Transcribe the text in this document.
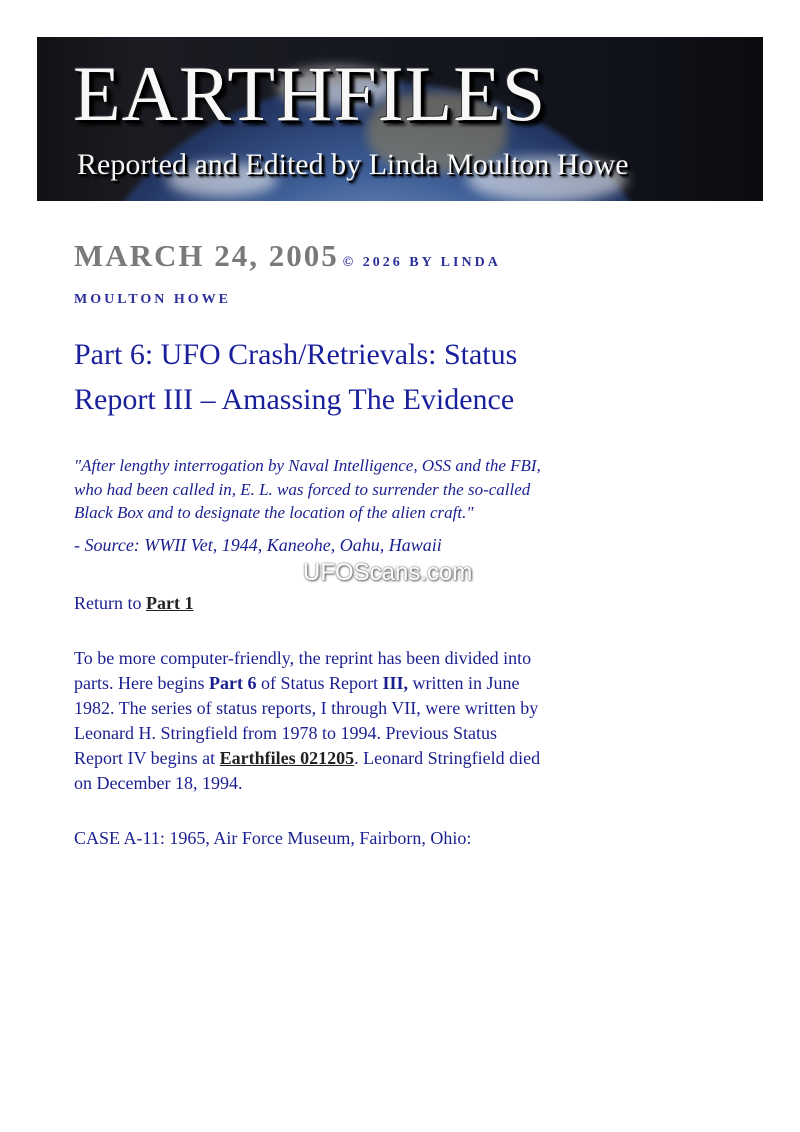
EARTHFILES

Reported and Edited by Linda Moulton Howe

MARCH 24, 2005 © 2026 BY LINDA MOULTON HOWE

Part 6: UFO Crash/Retrievals: Status Report III – Amassing The Evidence

"After lengthy interrogation by Naval Intelligence, OSS and the FBI, who had been called in, E. L. was forced to surrender the so-called Black Box and to designate the location of the alien craft."

- Source: WWII Vet, 1944, Kaneohe, Oahu, Hawaii

Return to Part 1

To be more computer-friendly, the reprint has been divided into parts. Here begins Part 6 of Status Report III, written in June 1982. The series of status reports, I through VII, were written by Leonard H. Stringfield from 1978 to 1994. Previous Status Report IV begins at Earthfiles 021205. Leonard Stringfield died on December 18, 1994.

CASE A-11: 1965, Air Force Museum, Fairborn, Ohio:

UFOScans.com
